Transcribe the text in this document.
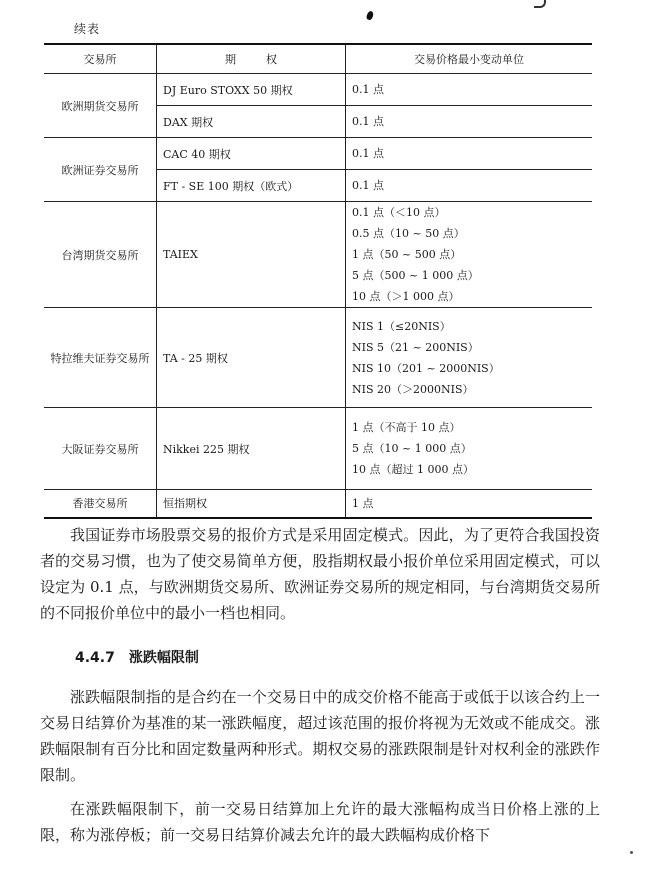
续表
交易所	期权	交易价格最小变动单位
欧洲期货交易所	DJ Euro STOXX 50 期权	0.1 点

	DAX 期权	0.1 点

欧洲证券交易所	CAC 40 期权	0.1 点

	FT - SE 100 期权（欧式）	0.1 点

台湾期货交易所	TAIEX	0.1 点（＜10 点）
0.5 点（10 ~ 50 点）
1 点（50 ~ 500 点）
5 点（500 ~ 1 000 点）
10 点（＞1 000 点）

特拉维夫证券交易所	TA - 25 期权	NIS 1（≤20NIS）
NIS 5（21 ~ 200NIS）
NIS 10（201 ~ 2000NIS）
NIS 20（＞2000NIS）

大阪证券交易所	Nikkei 225 期权	1 点（不高于 10 点）
5 点（10 ~ 1 000 点）
10 点（超过 1 000 点）

香港交易所	恒指期权	1 点

我国证券市场股票交易的报价方式是采用固定模式。因此，为了更符合我国投资者的交易习惯，也为了使交易简单方便，股指期权最小报价单位采用固定模式，可以设定为 0.1 点，与欧洲期货交易所、欧洲证券交易所的规定相同，与台湾期货交易所的不同报价单位中的最小一档也相同。

4.4.7 涨跌幅限制

涨跌幅限制指的是合约在一个交易日中的成交价格不能高于或低于以该合约上一交易日结算价为基准的某一涨跌幅度，超过该范围的报价将视为无效或不能成交。涨跌幅限制有百分比和固定数量两种形式。期权交易的涨跌限制是针对权利金的涨跌作限制。

在涨跌幅限制下，前一交易日结算加上允许的最大涨幅构成当日价格上涨的上限，称为涨停板；前一交易日结算价减去允许的最大跌幅构成价格下
